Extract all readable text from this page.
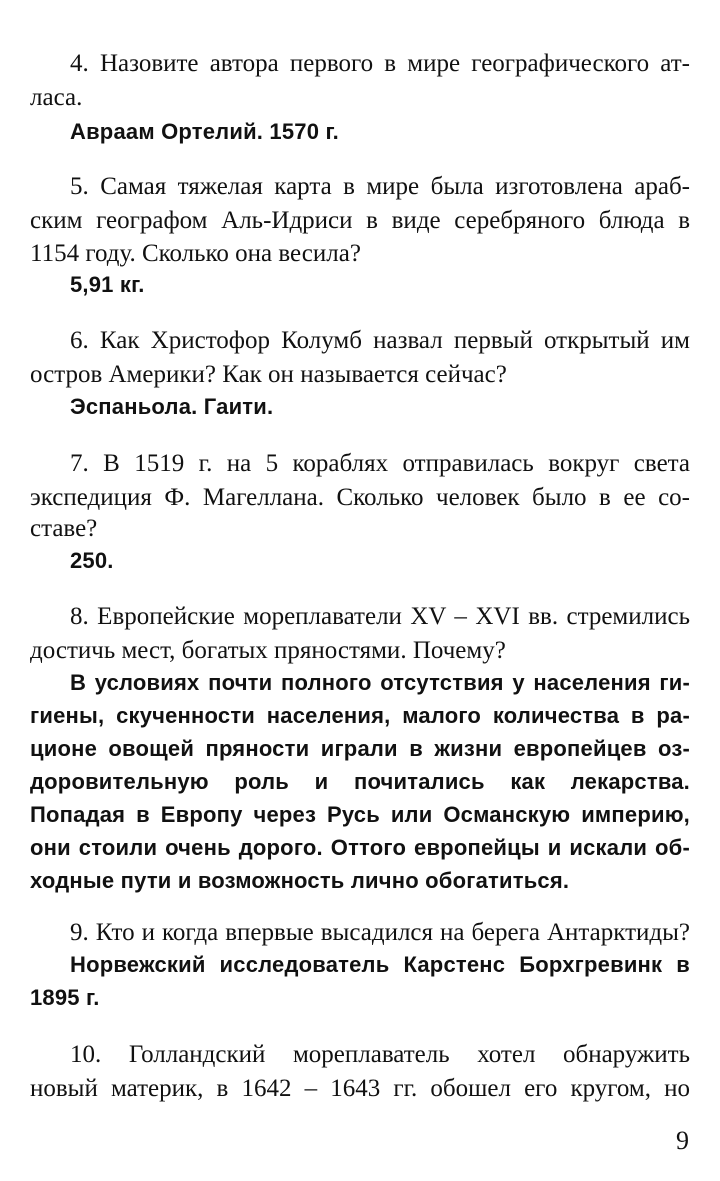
4. Назовите автора первого в мире географического ат-
ласа.
Авраам Ортелий. 1570 г.
5. Самая тяжелая карта в мире была изготовлена араб-
ским географом Аль-Идриси в виде серебряного блюда в
1154 году. Сколько она весила?
5,91 кг.
6. Как Христофор Колумб назвал первый открытый им
остров Америки? Как он называется сейчас?
Эспаньола. Гаити.
7. В 1519 г. на 5 кораблях отправилась вокруг света
экспедиция Ф. Магеллана. Сколько человек было в ее со-
ставе?
250.
8. Европейские мореплаватели XV – XVI вв. стремились
достичь мест, богатых пряностями. Почему?
В условиях почти полного отсутствия у населения ги-
гиены, скученности населения, малого количества в ра-
ционе овощей пряности играли в жизни европейцев оз-
доровительную роль и почитались как лекарства.
Попадая в Европу через Русь или Османскую империю,
они стоили очень дорого. Оттого европейцы и искали об-
ходные пути и возможность лично обогатиться.
9. Кто и когда впервые высадился на берега Антарктиды?
Норвежский исследователь Карстенс Борхгревинк в
1895 г.
10. Голландский мореплаватель хотел обнаружить
новый материк, в 1642 – 1643 гг. обошел его кругом, но
9
